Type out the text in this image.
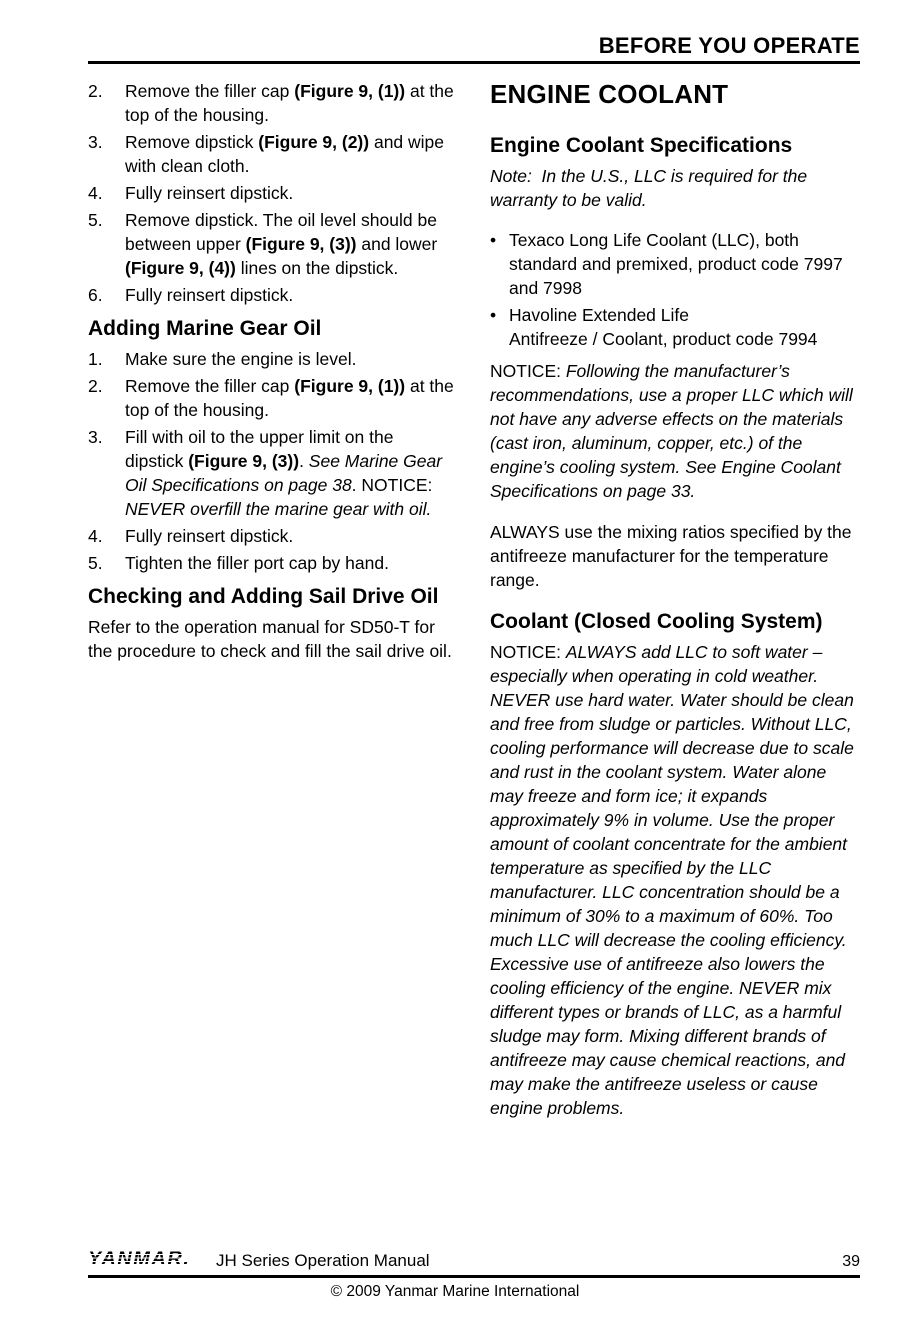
BEFORE YOU OPERATE
2.	Remove the filler cap (Figure 9, (1)) at the top of the housing.
3.	Remove dipstick (Figure 9, (2)) and wipe with clean cloth.
4.	Fully reinsert dipstick.
5.	Remove dipstick. The oil level should be between upper (Figure 9, (3)) and lower (Figure 9, (4)) lines on the dipstick.
6.	Fully reinsert dipstick.
Adding Marine Gear Oil
1.	Make sure the engine is level.
2.	Remove the filler cap (Figure 9, (1)) at the top of the housing.
3.	Fill with oil to the upper limit on the dipstick (Figure 9, (3)). See Marine Gear Oil Specifications on page 38. NOTICE: NEVER overfill the marine gear with oil.
4.	Fully reinsert dipstick.
5.	Tighten the filler port cap by hand.
Checking and Adding Sail Drive Oil

Refer to the operation manual for SD50-T for the procedure to check and fill the sail drive oil.

ENGINE COOLANT
Engine Coolant Specifications

Note:  In the U.S., LLC is required for the warranty to be valid.

• Texaco Long Life Coolant (LLC), both standard and premixed, product code 7997 and 7998
• Havoline Extended Life
Antifreeze / Coolant, product code 7994

NOTICE: Following the manufacturer’s recommendations, use a proper LLC which will not have any adverse effects on the materials (cast iron, aluminum, copper, etc.) of the engine’s cooling system. See Engine Coolant Specifications on page 33.

ALWAYS use the mixing ratios specified by the antifreeze manufacturer for the temperature range.

Coolant (Closed Cooling System)

NOTICE: ALWAYS add LLC to soft water – especially when operating in cold weather. NEVER use hard water. Water should be clean and free from sludge or particles. Without LLC, cooling performance will decrease due to scale and rust in the coolant system. Water alone may freeze and form ice; it expands approximately 9% in volume. Use the proper amount of coolant concentrate for the ambient temperature as specified by the LLC manufacturer. LLC concentration should be a minimum of 30% to a maximum of 60%. Too much LLC will decrease the cooling efficiency. Excessive use of antifreeze also lowers the cooling efficiency of the engine. NEVER mix different types or brands of LLC, as a harmful sludge may form. Mixing different brands of antifreeze may cause chemical reactions, and may make the antifreeze useless or cause engine problems.

YANMAR. JH Series Operation Manual	39
© 2009 Yanmar Marine International
